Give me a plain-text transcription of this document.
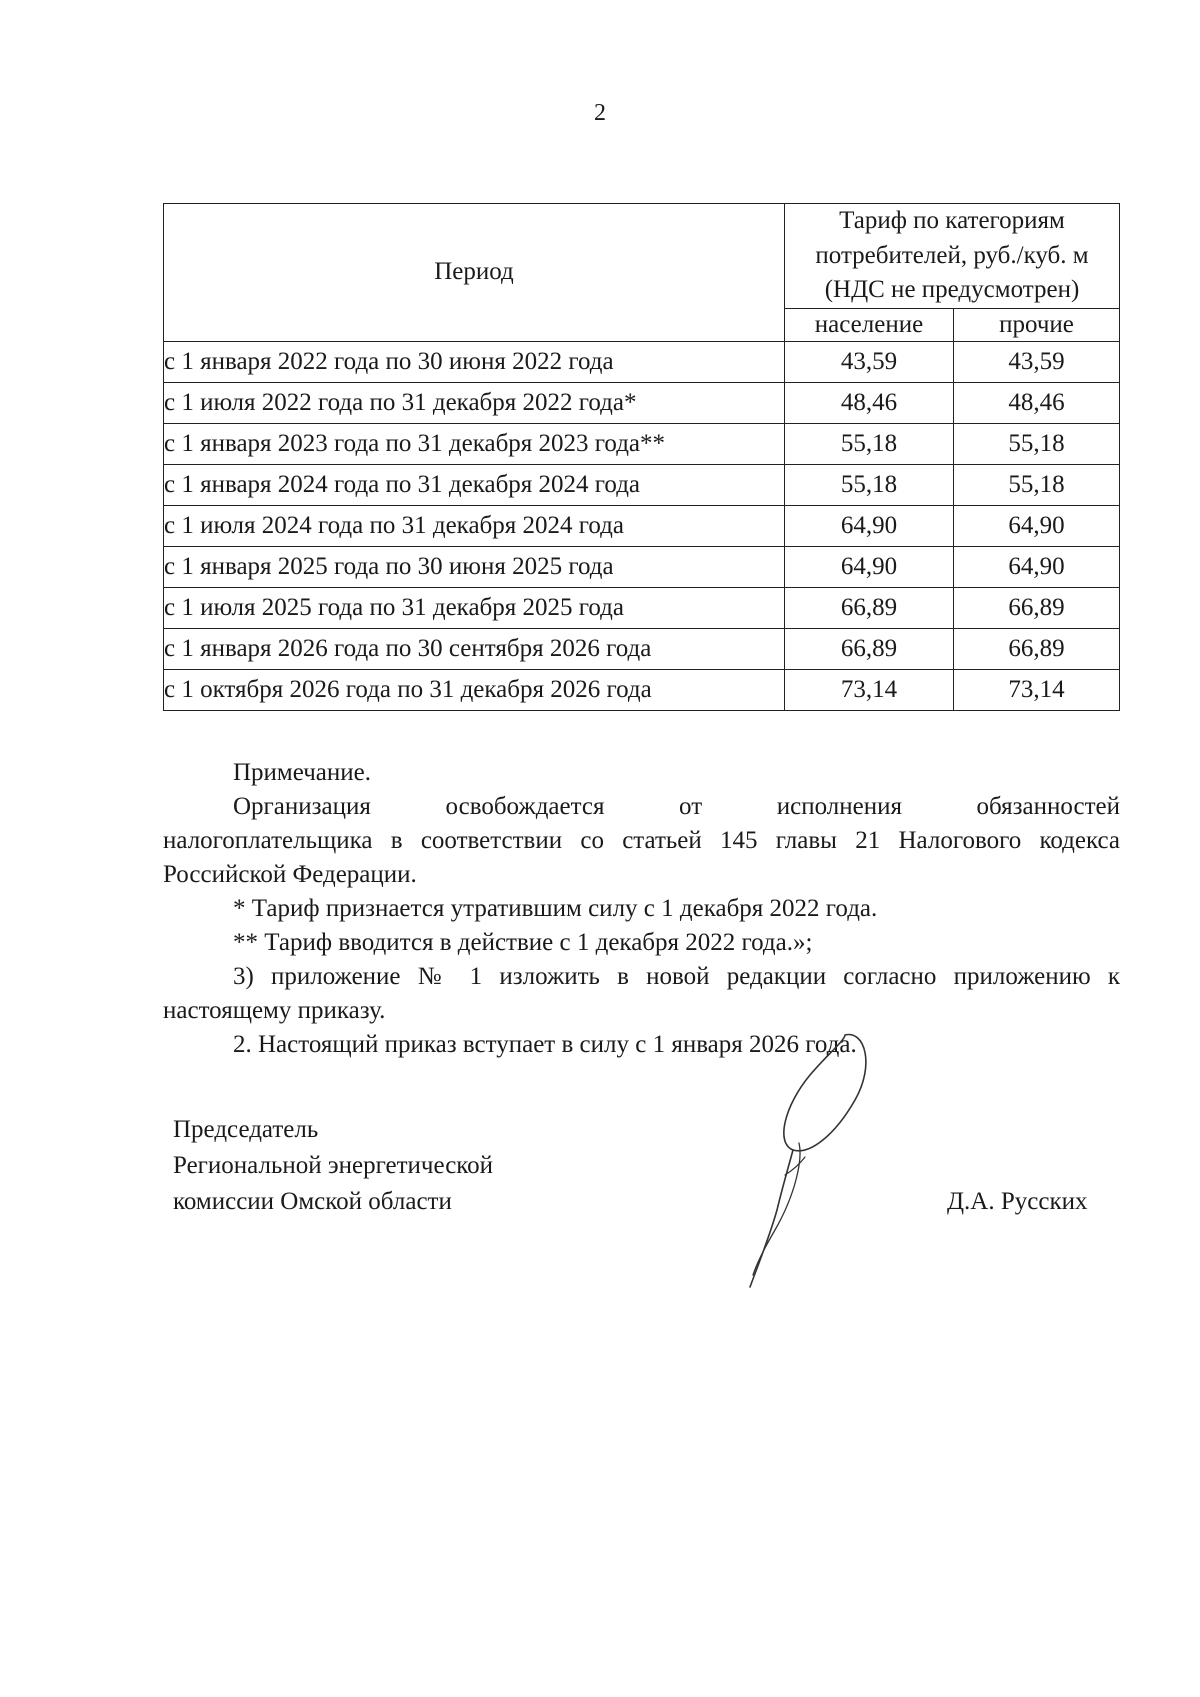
2
Период	Тариф по категориям
потребителей, руб./куб. м
(НДС не предусмотрен)	

	население	прочие
с 1 января 2022 года по 30 июня 2022 года	43,59	43,59
с 1 июля 2022 года по 31 декабря 2022 года*	48,46	48,46
с 1 января 2023 года по 31 декабря 2023 года**	55,18	55,18
с 1 января 2024 года по 31 декабря 2024 года	55,18	55,18
с 1 июля 2024 года по 31 декабря 2024 года	64,90	64,90
с 1 января 2025 года по 30 июня 2025 года	64,90	64,90
с 1 июля 2025 года по 31 декабря 2025 года	66,89	66,89
с 1 января 2026 года по 30 сентября 2026 года	66,89	66,89
с 1 октября 2026 года по 31 декабря 2026 года	73,14	73,14

Примечание.

Организация освобождается от исполнения обязанностей

налогоплательщика в соответствии со статьей 145 главы 21 Налогового кодекса Российской Федерации.

* Тариф признается утратившим силу с 1 декабря 2022 года.

** Тариф вводится в действие с 1 декабря 2022 года.»;

3) приложение № 1 изложить в новой редакции согласно приложению к настоящему приказу.

2. Настоящий приказ вступает в силу с 1 января 2026 года.

Председатель
Региональной энергетической
комиссии Омской области	Д.А. Русских
